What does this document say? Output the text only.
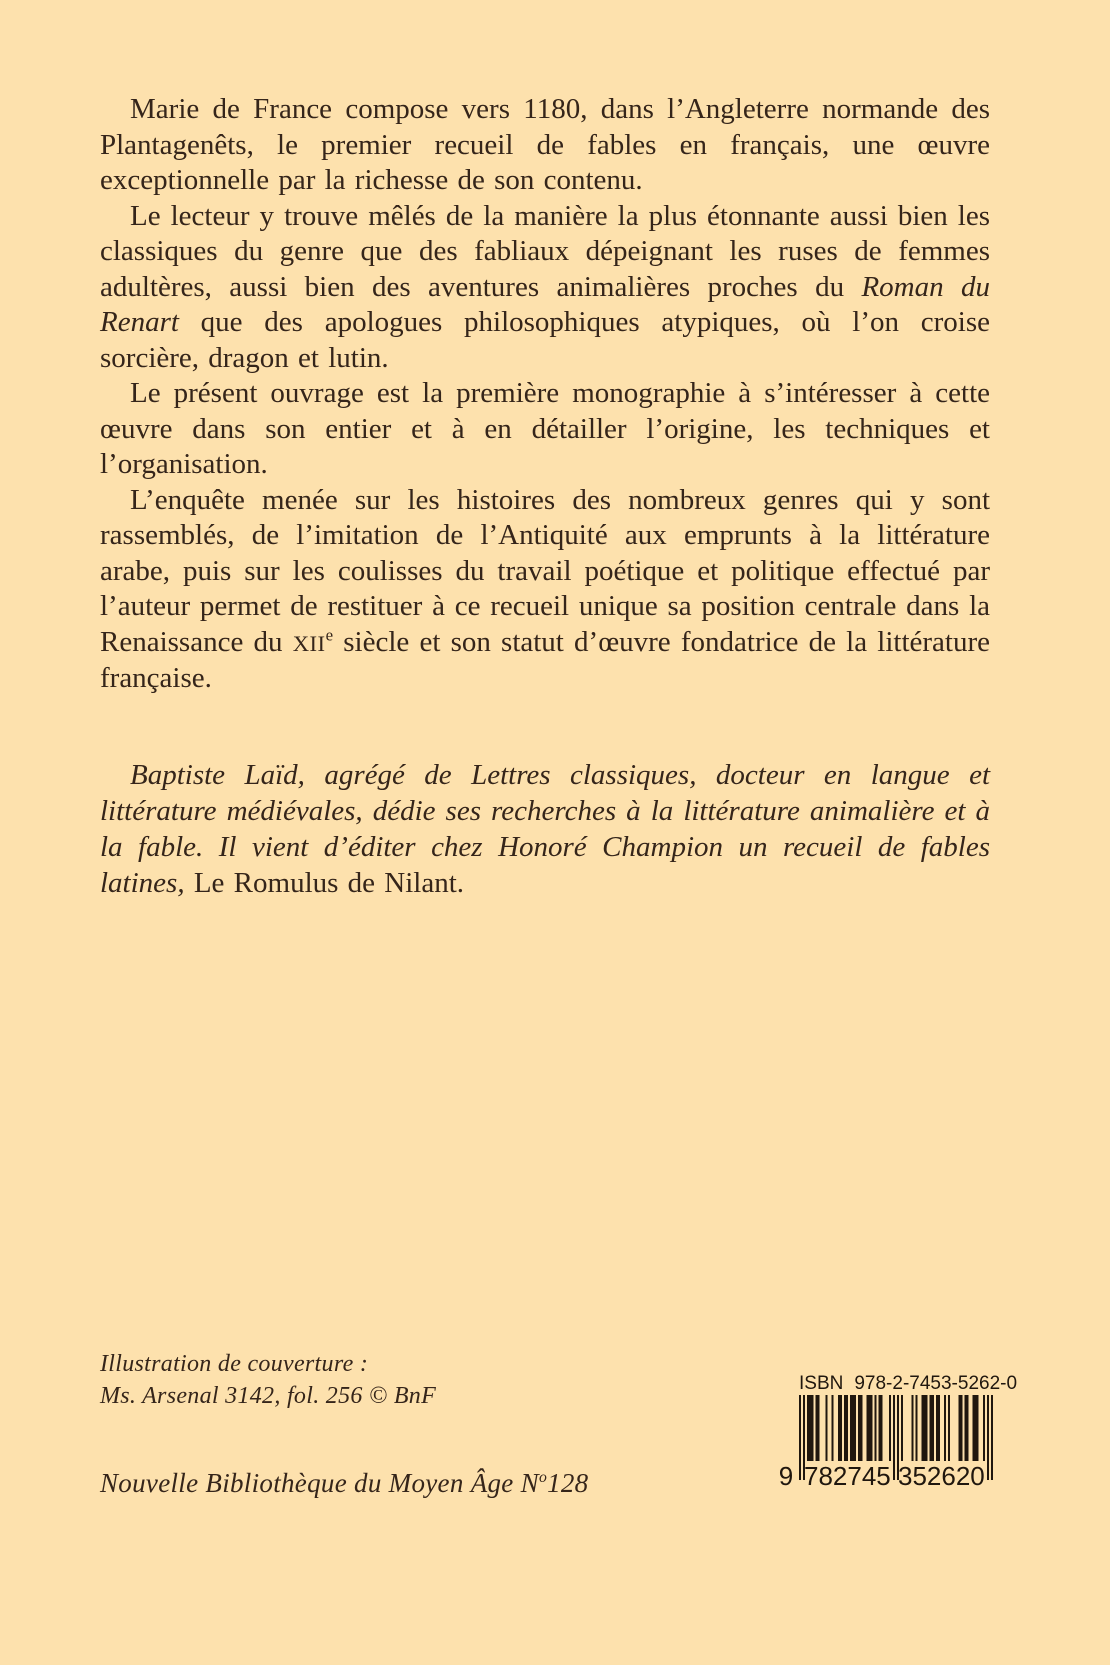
Marie de France compose vers 1180, dans l’Angleterre normande des Plantagenêts, le premier recueil de fables en français, une œuvre exceptionnelle par la richesse de son contenu.

Le lecteur y trouve mêlés de la manière la plus étonnante aussi bien les classiques du genre que des fabliaux dépeignant les ruses de femmes adultères, aussi bien des aventures animalières proches du Roman du Renart que des apologues philosophiques atypiques, où l’on croise sorcière, dragon et lutin.

Le présent ouvrage est la première monographie à s’intéresser à cette œuvre dans son entier et à en détailler l’origine, les techniques et l’organisation.

L’enquête menée sur les histoires des nombreux genres qui y sont rassemblés, de l’imitation de l’Antiquité aux emprunts à la littérature arabe, puis sur les coulisses du travail poétique et politique effectué par l’auteur permet de restituer à ce recueil unique sa position centrale dans la Renaissance du XIIe siècle et son statut d’œuvre fondatrice de la littérature française.

Baptiste Laïd, agrégé de Lettres classiques, docteur en langue et littérature médiévales, dédie ses recherches à la littérature animalière et à la fable. Il vient d’éditer chez Honoré Champion un recueil de fables latines, Le Romulus de Nilant.

Illustration de couverture :
Ms. Arsenal 3142, fol. 256 © BnF
Nouvelle Bibliothèque du Moyen Âge $N^o128$
ISBN 978-2-7453-5262-0
9 782745 352620
